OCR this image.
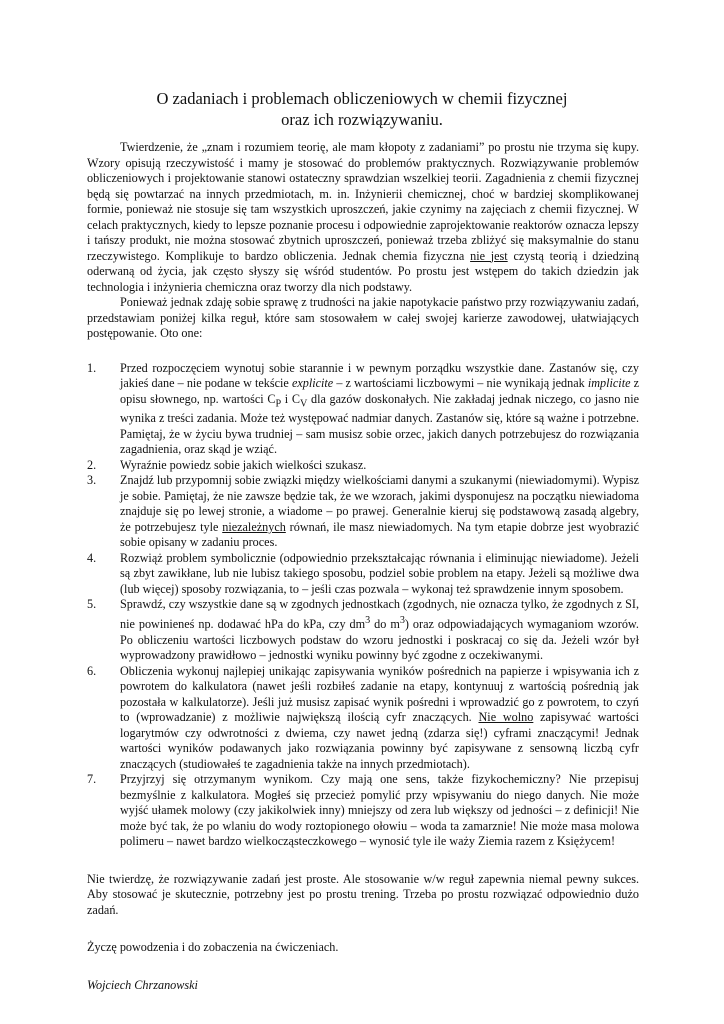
O zadaniach i problemach obliczeniowych w chemii fizycznej
oraz ich rozwiązywaniu.

Twierdzenie, że „znam i rozumiem teorię, ale mam kłopoty z zadaniami” po prostu nie trzyma się kupy. Wzory opisują rzeczywistość i mamy je stosować do problemów praktycznych. Rozwiązywanie problemów obliczeniowych i projektowanie stanowi ostateczny sprawdzian wszelkiej teorii. Zagadnienia z chemii fizycznej będą się powtarzać na innych przedmiotach, m. in. Inżynierii chemicznej, choć w bardziej skomplikowanej formie, ponieważ nie stosuje się tam wszystkich uproszczeń, jakie czynimy na zajęciach z chemii fizycznej. W celach praktycznych, kiedy to lepsze poznanie procesu i odpowiednie zaprojektowanie reaktorów oznacza lepszy i tańszy produkt, nie można stosować zbytnich uproszczeń, ponieważ trzeba zbliżyć się maksymalnie do stanu rzeczywistego. Komplikuje to bardzo obliczenia. Jednak chemia fizyczna nie jest czystą teorią i dziedziną oderwaną od życia, jak często słyszy się wśród studentów. Po prostu jest wstępem do takich dziedzin jak technologia i inżynieria chemiczna oraz tworzy dla nich podstawy.

Ponieważ jednak zdaję sobie sprawę z trudności na jakie napotykacie państwo przy rozwiązywaniu zadań, przedstawiam poniżej kilka reguł, które sam stosowałem w całej swojej karierze zawodowej, ułatwiających postępowanie. Oto one:

1. Przed rozpoczęciem wynotuj sobie starannie i w pewnym porządku wszystkie dane. Zastanów się, czy jakieś dane – nie podane w tekście explicite – z wartościami liczbowymi – nie wynikają jednak implicite z opisu słownego, np. wartości $C_P$ i $C_V$ dla gazów doskonałych. Nie zakładaj jednak niczego, co jasno nie wynika z treści zadania. Może też występować nadmiar danych. Zastanów się, które są ważne i potrzebne. Pamiętaj, że w życiu bywa trudniej – sam musisz sobie orzec, jakich danych potrzebujesz do rozwiązania zagadnienia, oraz skąd je wziąć.
2. Wyraźnie powiedz sobie jakich wielkości szukasz.
3. Znajdź lub przypomnij sobie związki między wielkościami danymi a szukanymi (niewiadomymi). Wypisz je sobie. Pamiętaj, że nie zawsze będzie tak, że we wzorach, jakimi dysponujesz na początku niewiadoma znajduje się po lewej stronie, a wiadome – po prawej. Generalnie kieruj się podstawową zasadą algebry, że potrzebujesz tyle niezależnych równań, ile masz niewiadomych. Na tym etapie dobrze jest wyobrazić sobie opisany w zadaniu proces.
4. Rozwiąż problem symbolicznie (odpowiednio przekształcając równania i eliminując niewiadome). Jeżeli są zbyt zawikłane, lub nie lubisz takiego sposobu, podziel sobie problem na etapy. Jeżeli są możliwe dwa (lub więcej) sposoby rozwiązania, to – jeśli czas pozwala – wykonaj też sprawdzenie innym sposobem.
5. Sprawdź, czy wszystkie dane są w zgodnych jednostkach (zgodnych, nie oznacza tylko, że zgodnych z SI, nie powinieneś np. dodawać hPa do kPa, czy $dm^3$ do $m^3$) oraz odpowiadających wymaganiom wzorów. Po obliczeniu wartości liczbowych podstaw do wzoru jednostki i poskracaj co się da. Jeżeli wzór był wyprowadzony prawidłowo – jednostki wyniku powinny być zgodne z oczekiwanymi.
6. Obliczenia wykonuj najlepiej unikając zapisywania wyników pośrednich na papierze i wpisywania ich z powrotem do kalkulatora (nawet jeśli rozbiłeś zadanie na etapy, kontynuuj z wartością pośrednią jak pozostała w kalkulatorze). Jeśli już musisz zapisać wynik pośredni i wprowadzić go z powrotem, to czyń to (wprowadzanie) z możliwie największą ilością cyfr znaczących. Nie wolno zapisywać wartości logarytmów czy odwrotności z dwiema, czy nawet jedną (zdarza się!) cyframi znaczącymi! Jednak wartości wyników podawanych jako rozwiązania powinny być zapisywane z sensowną liczbą cyfr znaczących (studiowałeś te zagadnienia także na innych przedmiotach).
7. Przyjrzyj się otrzymanym wynikom. Czy mają one sens, także fizykochemiczny? Nie przepisuj bezmyślnie z kalkulatora. Mogłeś się przecież pomylić przy wpisywaniu do niego danych. Nie może wyjść ułamek molowy (czy jakikolwiek inny) mniejszy od zera lub większy od jedności – z definicji! Nie może być tak, że po wlaniu do wody roztopionego ołowiu – woda ta zamarznie! Nie może masa molowa polimeru – nawet bardzo wielkocząsteczkowego – wynosić tyle ile waży Ziemia razem z Księżycem!

Nie twierdzę, że rozwiązywanie zadań jest proste. Ale stosowanie w/w reguł zapewnia niemal pewny sukces. Aby stosować je skutecznie, potrzebny jest po prostu trening. Trzeba po prostu rozwiązać odpowiednio dużo zadań.

Życzę powodzenia i do zobaczenia na ćwiczeniach.

Wojciech Chrzanowski
